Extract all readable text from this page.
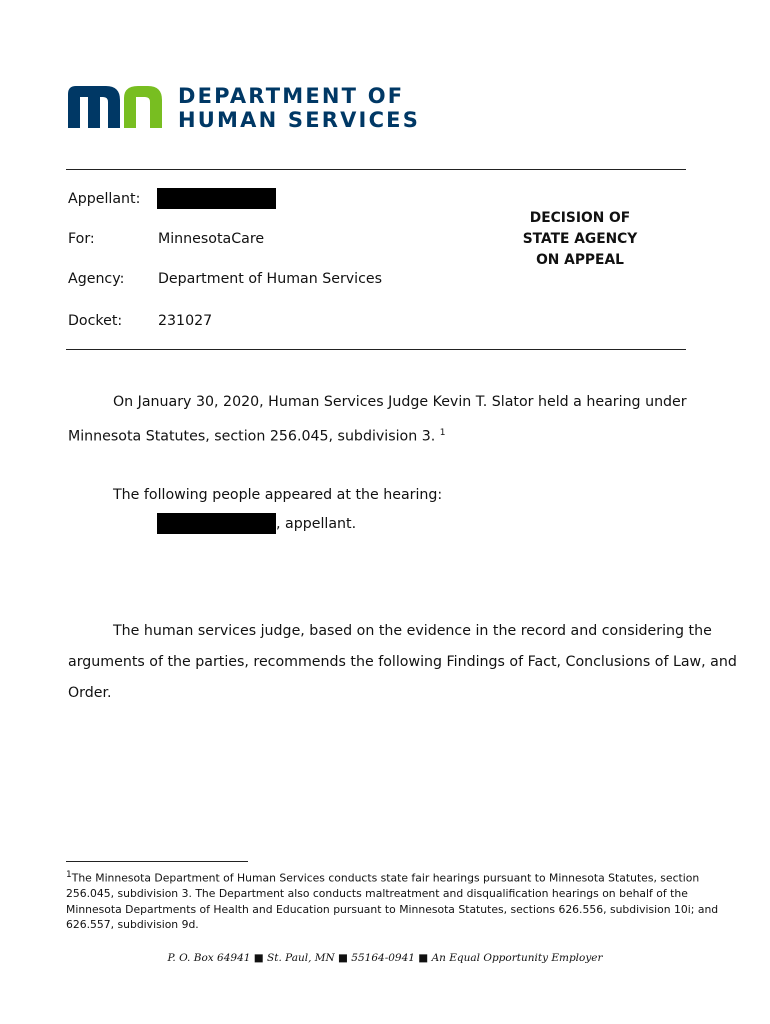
DEPARTMENT OF
HUMAN SERVICES
Appellant:
For:	MinnesotaCare
Agency: Department of Human Services
Docket:	231027
DECISION OF
STATE AGENCY
ON APPEAL
On January 30, 2020, Human Services Judge Kevin T. Slator held a hearing under
Minnesota Statutes, section 256.045, subdivision 3. $^1$
The following people appeared at the hearing:
, appellant.
The human services judge, based on the evidence in the record and considering the
arguments of the parties, recommends the following Findings of Fact, Conclusions of Law, and
Order.
$^1$The Minnesota Department of Human Services conducts state fair hearings pursuant to Minnesota Statutes, section
256.045, subdivision 3. The Department also conducts maltreatment and disqualification hearings on behalf of the
Minnesota Departments of Health and Education pursuant to Minnesota Statutes, sections 626.556, subdivision 10i; and
626.557, subdivision 9d.
P. O. Box 64941 ■ St. Paul, MN ■ 55164-0941 ■ An Equal Opportunity Employer
